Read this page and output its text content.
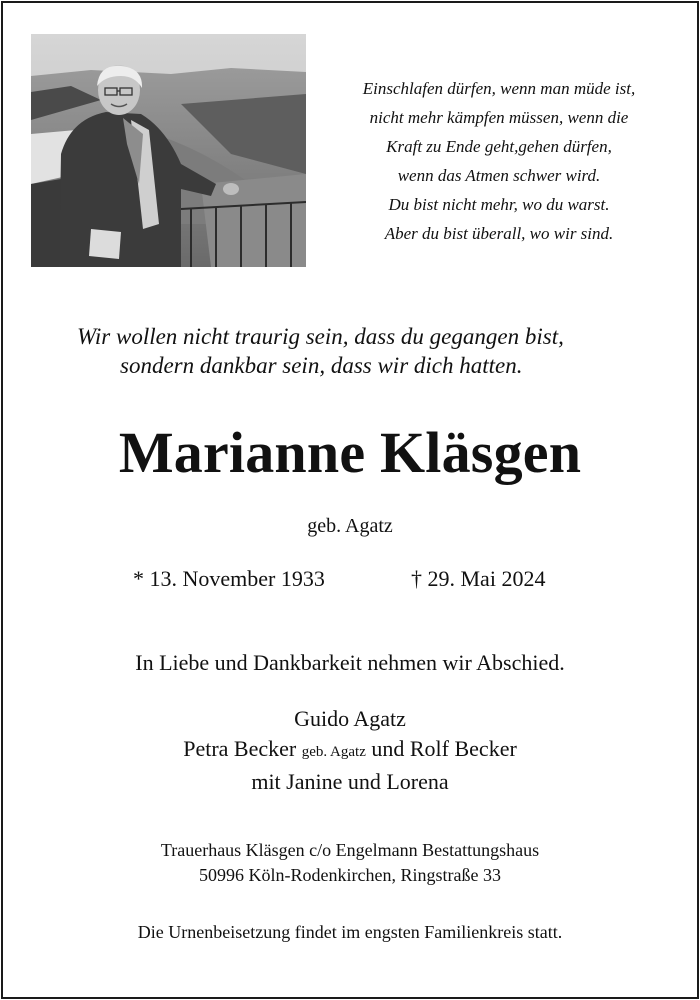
Einschlafen dürfen, wenn man müde ist,
nicht mehr kämpfen müssen, wenn die
Kraft zu Ende geht,gehen dürfen,
wenn das Atmen schwer wird.
Du bist nicht mehr, wo du warst.
Aber du bist überall, wo wir sind.
Wir wollen nicht traurig sein, dass du gegangen bist,
sondern dankbar sein, dass wir dich hatten.
Marianne Kläsgen
geb. Agatz
* 13. November 1933	† 29. Mai 2024
In Liebe und Dankbarkeit nehmen wir Abschied.
Guido Agatz
Petra Becker geb. Agatz und Rolf Becker
mit Janine und Lorena
Trauerhaus Kläsgen c/o Engelmann Bestattungshaus
50996 Köln-Rodenkirchen, Ringstraße 33
Die Urnenbeisetzung findet im engsten Familienkreis statt.
